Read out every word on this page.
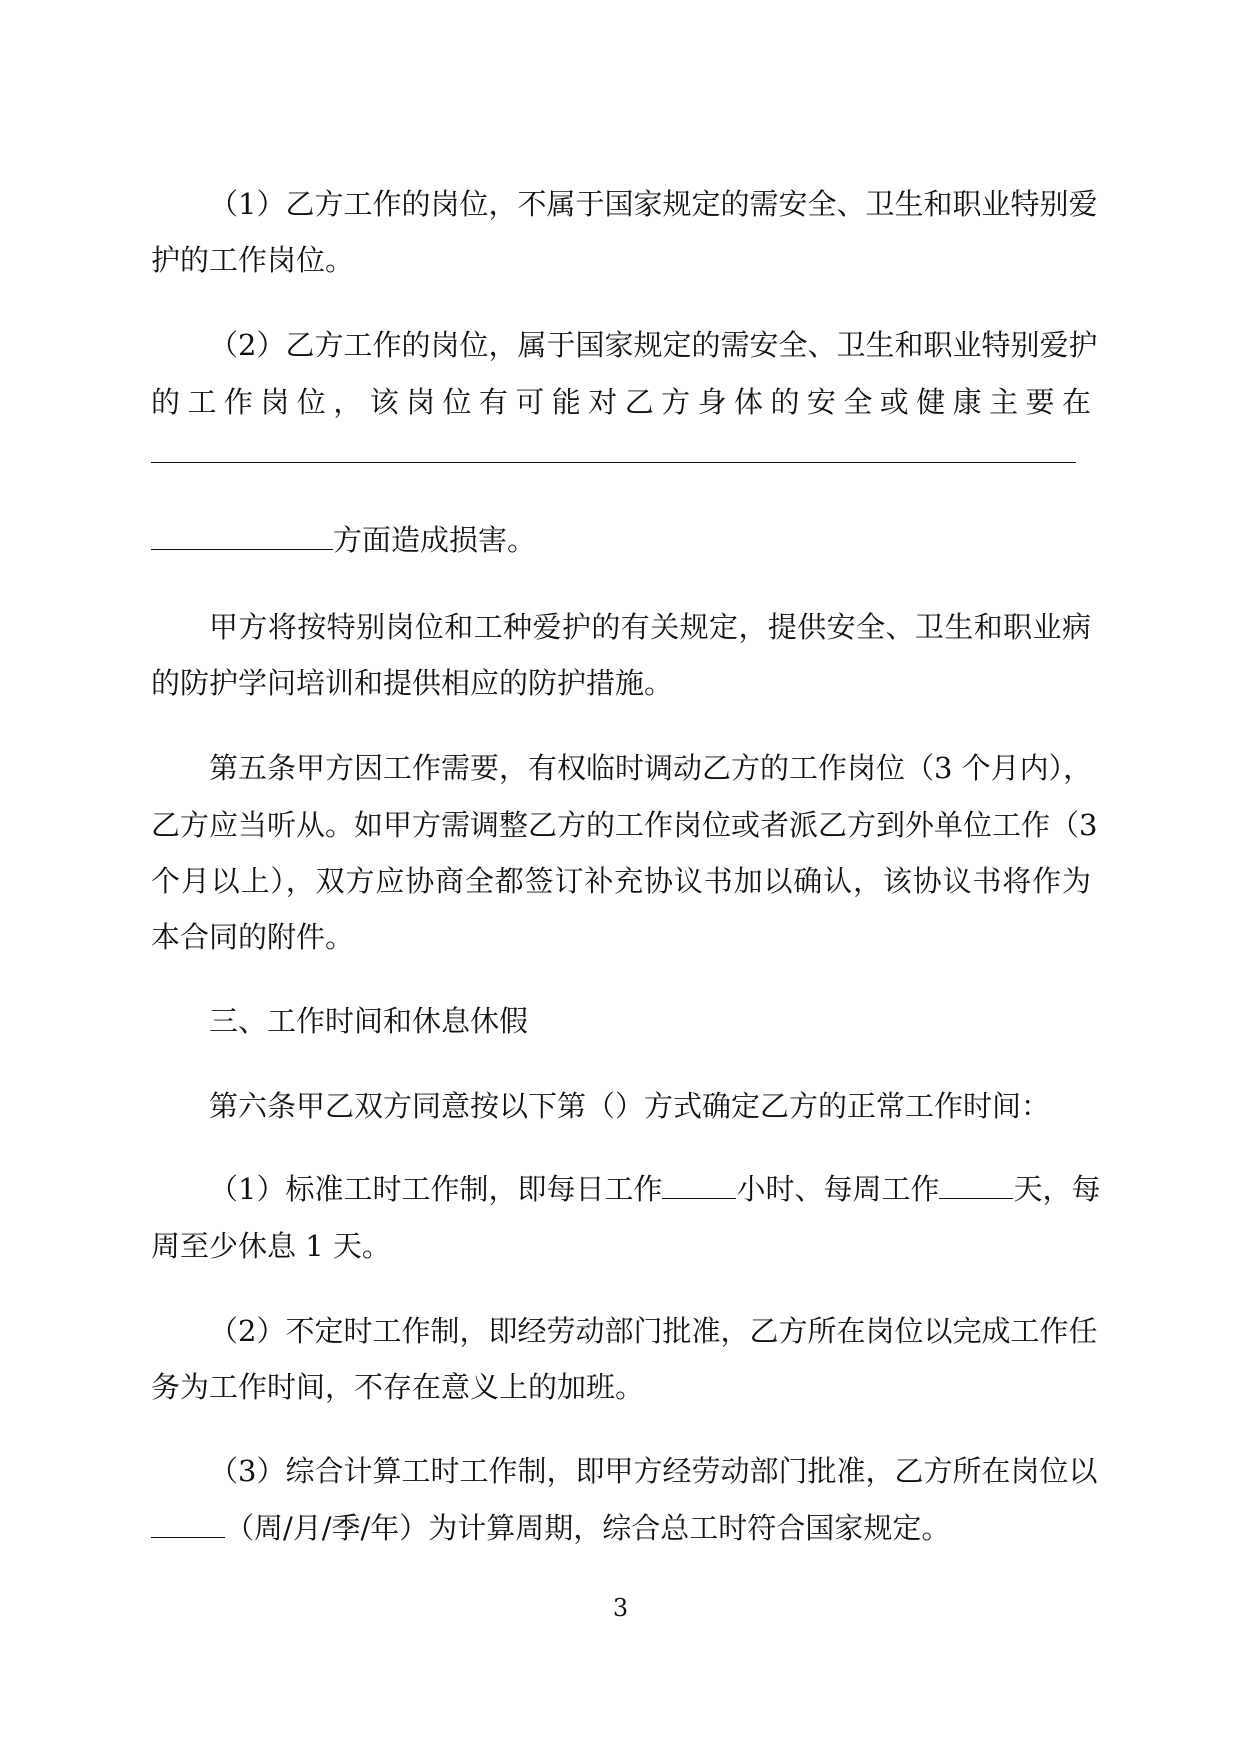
（1）乙方工作的岗位，不属于国家规定的需安全、卫生和职业特别爱
护的工作岗位。
（2）乙方工作的岗位，属于国家规定的需安全、卫生和职业特别爱护
的工作岗位，该岗位有可能对乙方身体的安全或健康主要在
方面造成损害。
甲方将按特别岗位和工种爱护的有关规定，提供安全、卫生和职业病
的防护学问培训和提供相应的防护措施。
第五条甲方因工作需要，有权临时调动乙方的工作岗位（3 个月内），
乙方应当听从。如甲方需调整乙方的工作岗位或者派乙方到外单位工作（3
个月以上），双方应协商全都签订补充协议书加以确认，该协议书将作为
本合同的附件。
三、工作时间和休息休假
第六条甲乙双方同意按以下第（）方式确定乙方的正常工作时间：
（1）标准工时工作制，即每日工作	小时、每周工作	天，每
周至少休息 1 天。
（2）不定时工作制，即经劳动部门批准，乙方所在岗位以完成工作任
务为工作时间，不存在意义上的加班。
（3）综合计算工时工作制，即甲方经劳动部门批准，乙方所在岗位以
（周/月/季/年）为计算周期，综合总工时符合国家规定。
3
